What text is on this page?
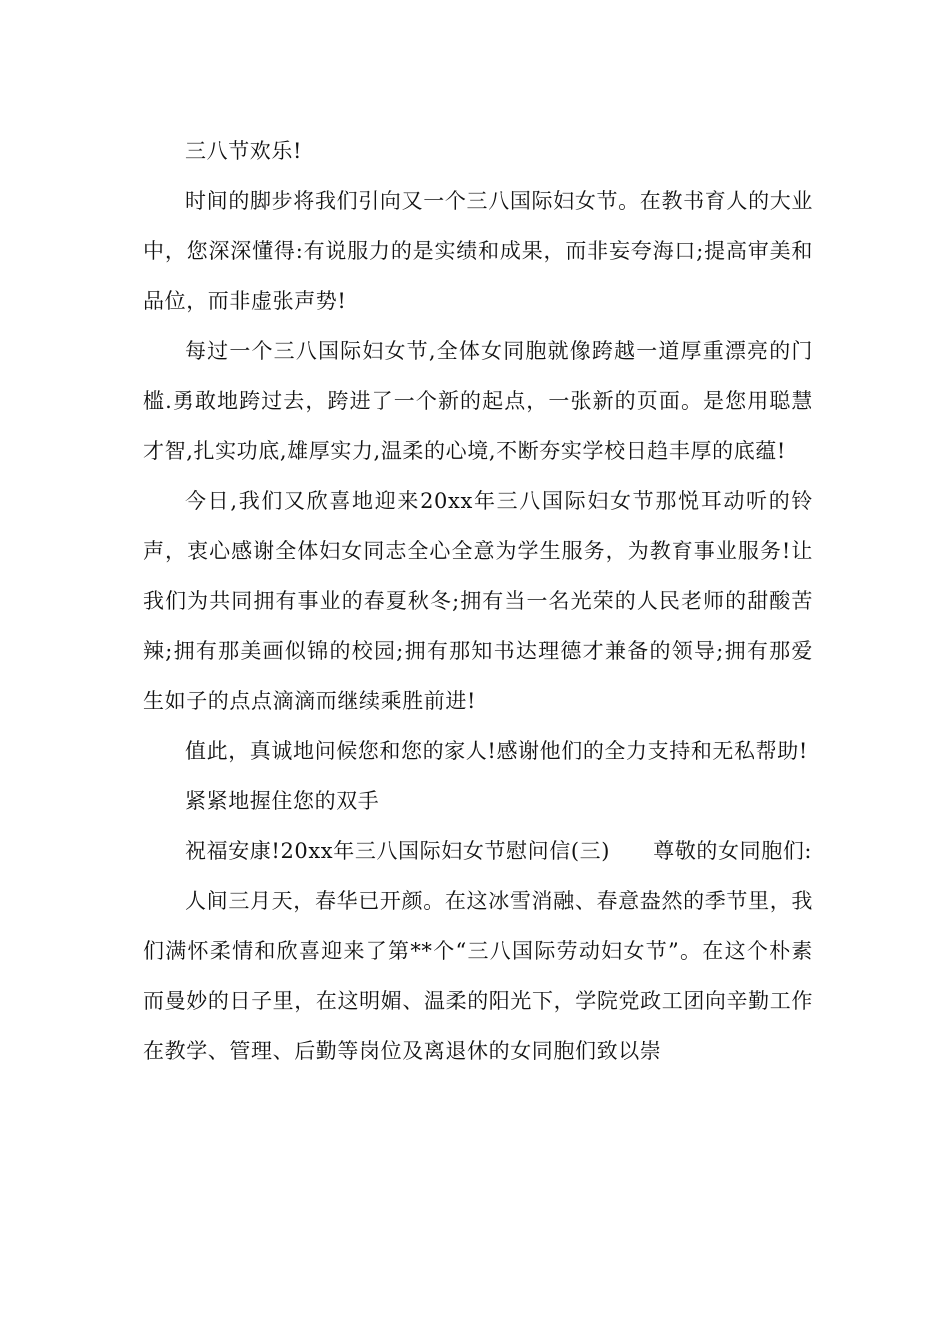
三八节欢乐!

时间的脚步将我们引向又一个三八国际妇女节。在教书育人的大业中，您深深懂得:有说服力的是实绩和成果，而非妄夸海口;提高审美和品位，而非虚张声势!

每过一个三八国际妇女节,全体女同胞就像跨越一道厚重漂亮的门槛.勇敢地跨过去，跨进了一个新的起点，一张新的页面。是您用聪慧才智,扎实功底,雄厚实力,温柔的心境,不断夯实学校日趋丰厚的底蕴!

今日,我们又欣喜地迎来20xx年三八国际妇女节那悦耳动听的铃声，衷心感谢全体妇女同志全心全意为学生服务，为教育事业服务!让我们为共同拥有事业的春夏秋冬;拥有当一名光荣的人民老师的甜酸苦辣;拥有那美画似锦的校园;拥有那知书达理德才兼备的领导;拥有那爱生如子的点点滴滴而继续乘胜前进!

值此，真诚地问候您和您的家人!感谢他们的全力支持和无私帮助!

紧紧地握住您的双手

祝福安康!20xx年三八国际妇女节慰问信(三)　　尊敬的女同胞们:

人间三月天，春华已开颜。在这冰雪消融、春意盎然的季节里，我们满怀柔情和欣喜迎来了第**个“三八国际劳动妇女节”。在这个朴素而曼妙的日子里，在这明媚、温柔的阳光下，学院党政工团向辛勤工作在教学、管理、后勤等岗位及离退休的女同胞们致以崇
